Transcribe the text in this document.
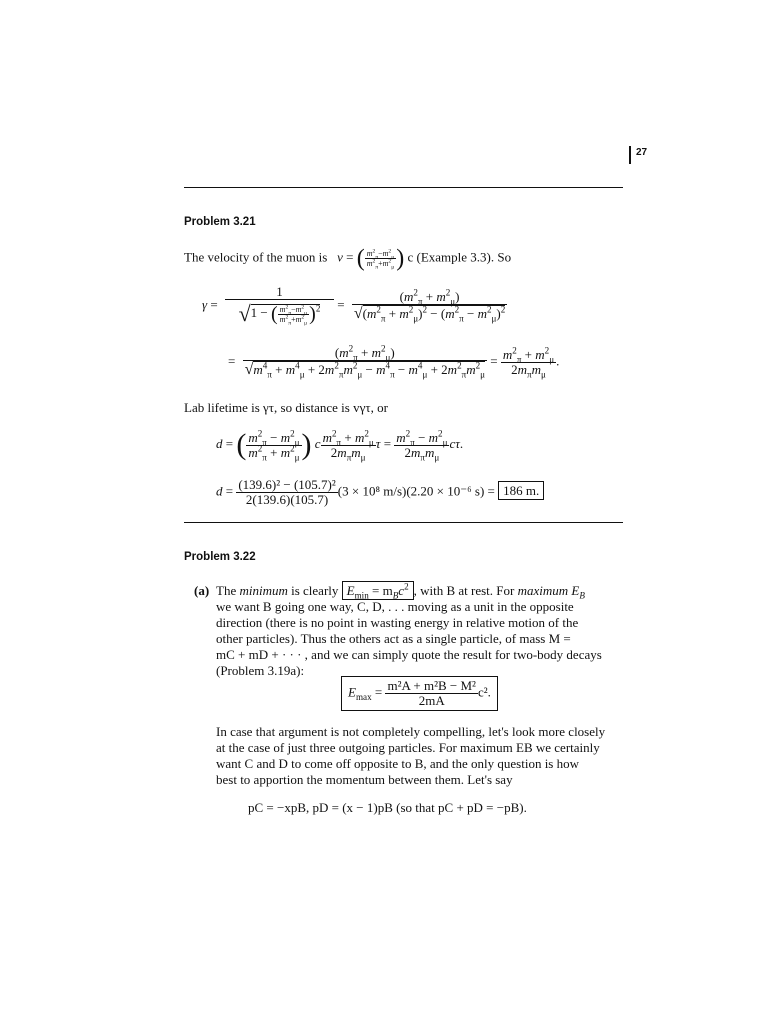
27
Problem 3.21
The velocity of the muon is v = ( $\frac{m^2_\pi-m^2_\mu}{m^2_\pi+m^2_\mu}$ ) c (Example 3.3). So
$\gamma = \frac{1}{√1 - ( \frac{m^2_\pi-m^2_\mu}{m^2_\pi+m^2_\mu} )^2} = \frac{(m^2_\pi + m^2_\mu)}{√(m^2_\pi + m^2_\mu)^2 - (m^2_\pi - m^2_\mu)^2}$
= $\frac{(m^2_\pi + m^2_\mu)}{√m^4_\pi + m^4_\mu + 2m^2_\pi m^2_\mu - m^4_\pi - m^4_\mu + 2m^2_\pi m^2_\mu} = \frac{m^2_\pi + m^2_\mu}{2m_\pi m_\mu}$ .
Lab lifetime is γτ, so distance is vγτ, or
d = ( $\frac{m^2_\pi - m^2_\mu}{m^2_\pi + m^2_\mu}$ ) c $\frac{m^2_\pi + m^2_\mu}{2m_\pi m_\mu}$ $\tau = \frac{m^2_\pi - m^2_\mu}{2m_\pi m_\mu} c\tau$.
$d = \frac{\text{(139.6)² − (105.7)²}}{2(139.6)(105.7)} (3 \times 10^8$ m/s)(2.20 × 10⁻⁶ s) = 186 m.
Problem 3.22
(a) The minimum is clearly $E_{min} = m_Bc^2$ , with B at rest. For maximum $E_B$
we want B going one way, C, D, . . . moving as a unit in the opposite
direction (there is no point in wasting energy in relative motion of the
other particles). Thus the others act as a single particle, of mass M =
mC + mD + · · · , and we can simply quote the result for two-body decays
(Problem 3.19a):
$E_{max} = \frac{\text{m²A + m²B − M²}}{2mA} c^2$.
In case that argument is not completely compelling, let's look more closely
at the case of just three outgoing particles. For maximum EB we certainly
want C and D to come off opposite to B, and the only question is how
best to apportion the momentum between them. Let's say
pC = −xpB, pD = (x − 1)pB (so that pC + pD = −pB).
